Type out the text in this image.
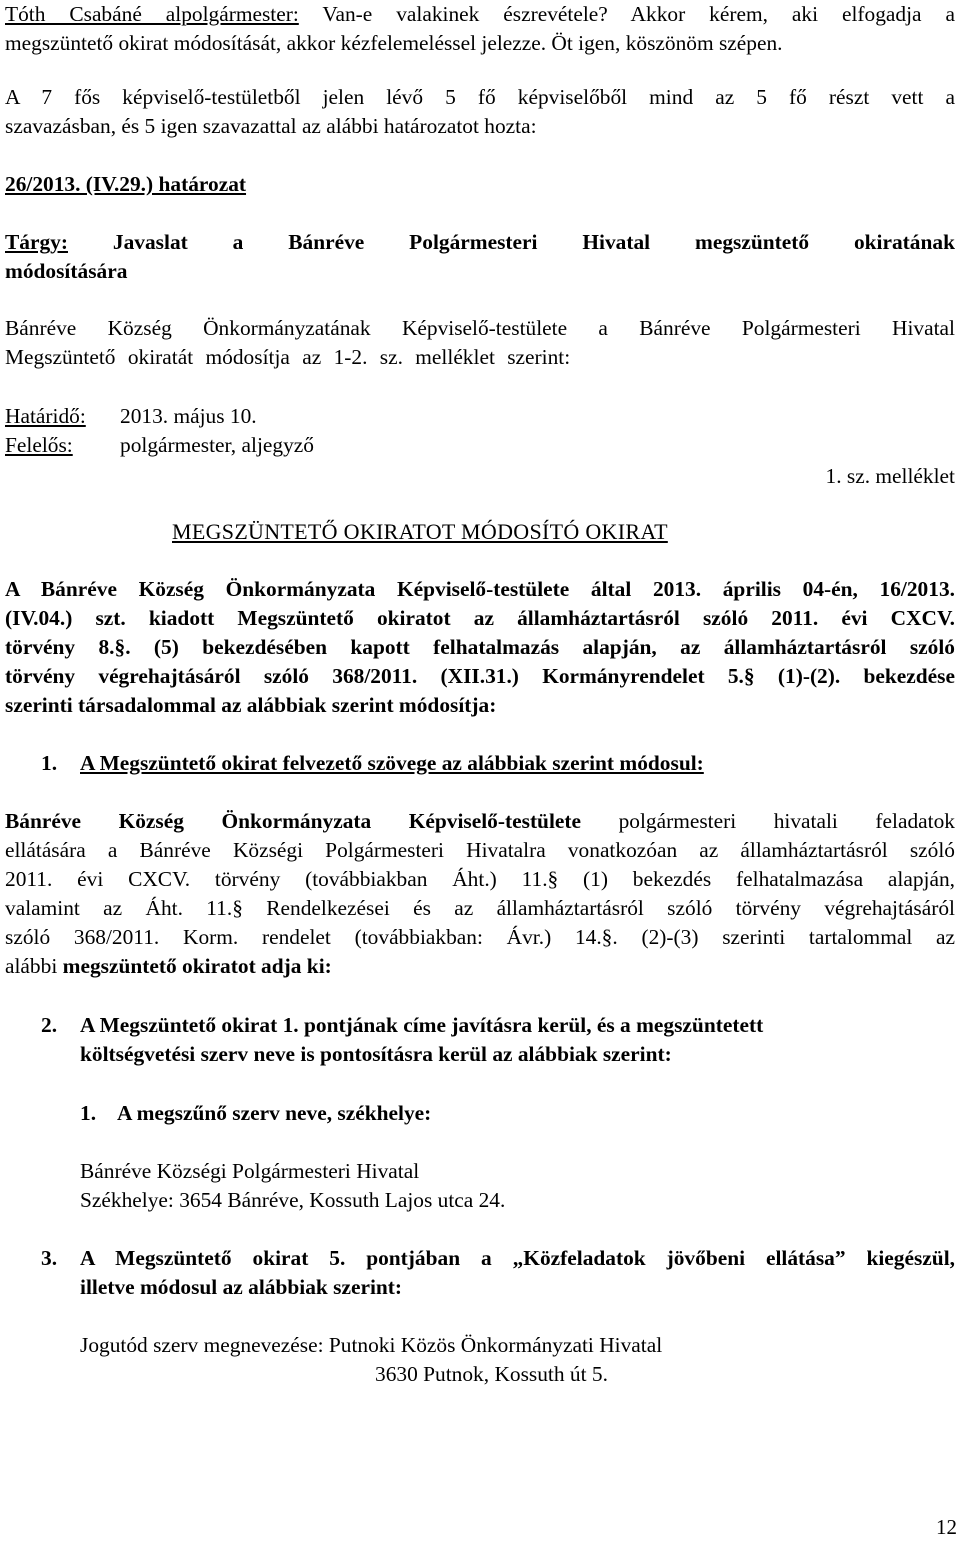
Tóth Csabáné alpolgármester: Van-e valakinek észrevétele? Akkor kérem, aki elfogadja a
megszüntető okirat módosítását, akkor kézfelemeléssel jelezze. Öt igen, köszönöm szépen.
A 7 fős képviselő-testületből jelen lévő 5 fő képviselőből mind az 5 fő részt vett a
szavazásban, és 5 igen szavazattal az alábbi határozatot hozta:
26/2013. (IV.29.) határozat
Tárgy: Javaslat a Bánréve Polgármesteri Hivatal megszüntető okiratának
módosítására
Bánréve Község Önkormányzatának Képviselő-testülete a Bánréve Polgármesteri Hivatal
Megszüntető okiratát módosítja az 1-2. sz. melléklet szerint:
Határidő: 2013. május 10.
Felelős: polgármester, aljegyző
1. sz. melléklet
MEGSZÜNTETŐ OKIRATOT MÓDOSÍTÓ OKIRAT
A Bánréve Község Önkormányzata Képviselő-testülete által 2013. április 04-én, 16/2013.
(IV.04.) szt. kiadott Megszüntető okiratot az államháztartásról szóló 2011. évi CXCV.
törvény 8.§. (5) bekezdésében kapott felhatalmazás alapján, az államháztartásról szóló
törvény végrehajtásáról szóló 368/2011. (XII.31.) Kormányrendelet 5.§ (1)-(2). bekezdése
szerinti társadalommal az alábbiak szerint módosítja:
1. A Megszüntető okirat felvezető szövege az alábbiak szerint módosul:
Bánréve Község Önkormányzata Képviselő-testülete polgármesteri hivatali feladatok
ellátására a Bánréve Községi Polgármesteri Hivatalra vonatkozóan az államháztartásról szóló
2011. évi CXCV. törvény (továbbiakban Áht.) 11.§ (1) bekezdés felhatalmazása alapján,
valamint az Áht. 11.§ Rendelkezései és az államháztartásról szóló törvény végrehajtásáról
szóló 368/2011. Korm. rendelet (továbbiakban: Ávr.) 14.§. (2)-(3) szerinti tartalommal az
alábbi megszüntető okiratot adja ki:
2. A Megszüntető okirat 1. pontjának címe javításra kerül, és a megszüntetett
költségvetési szerv neve is pontosításra kerül az alábbiak szerint:
1. A megszűnő szerv neve, székhelye:
Bánréve Községi Polgármesteri Hivatal
Székhelye: 3654 Bánréve, Kossuth Lajos utca 24.
3. A Megszüntető okirat 5. pontjában a „Közfeladatok jövőbeni ellátása” kiegészül,
illetve módosul az alábbiak szerint:
Jogutód szerv megnevezése: Putnoki Közös Önkormányzati Hivatal
3630 Putnok, Kossuth út 5.
12
